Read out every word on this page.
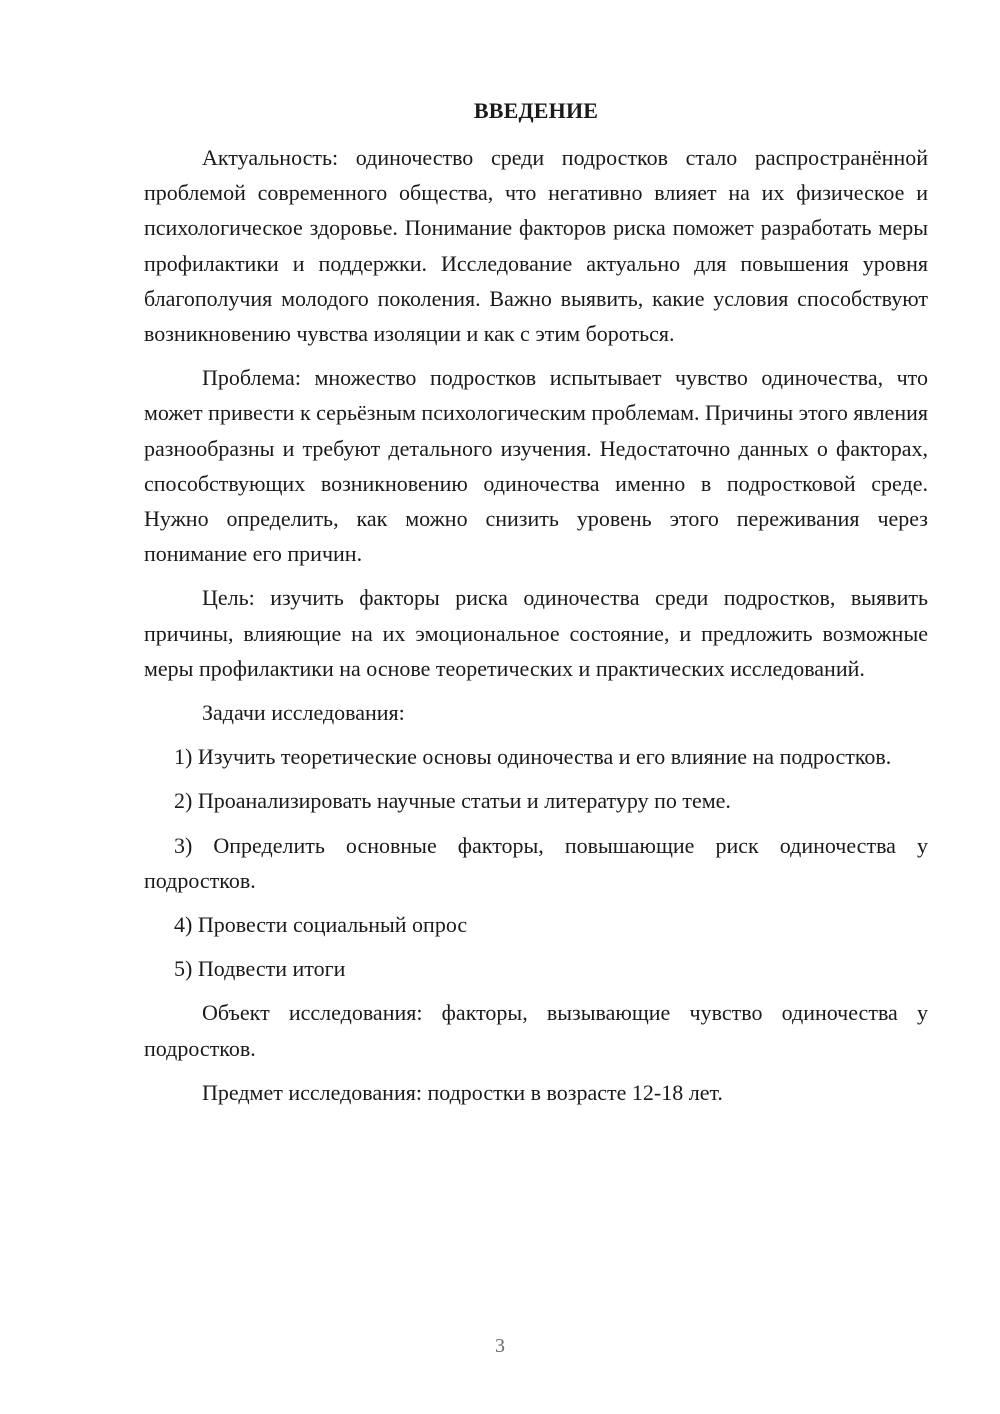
ВВЕДЕНИЕ

Актуальность: одиночество среди подростков стало распространённой проблемой современного общества, что негативно влияет на их физическое и психологическое здоровье. Понимание факторов риска поможет разработать меры профилактики и поддержки. Исследование актуально для повышения уровня благополучия молодого поколения. Важно выявить, какие условия способствуют возникновению чувства изоляции и как с этим бороться.

Проблема: множество подростков испытывает чувство одиночества, что может привести к серьёзным психологическим проблемам. Причины этого явления разнообразны и требуют детального изучения. Недостаточно данных о факторах, способствующих возникновению одиночества именно в подростковой среде. Нужно определить, как можно снизить уровень этого переживания через понимание его причин.

Цель: изучить факторы риска одиночества среди подростков, выявить причины, влияющие на их эмоциональное состояние, и предложить возможные меры профилактики на основе теоретических и практических исследований.

Задачи исследования:

1) Изучить теоретические основы одиночества и его влияние на подростков.

2) Проанализировать научные статьи и литературу по теме.

3) Определить основные факторы, повышающие риск одиночества у подростков.

4) Провести социальный опрос

5) Подвести итоги

Объект исследования: факторы, вызывающие чувство одиночества у подростков.

Предмет исследования: подростки в возрасте 12-18 лет.

3
